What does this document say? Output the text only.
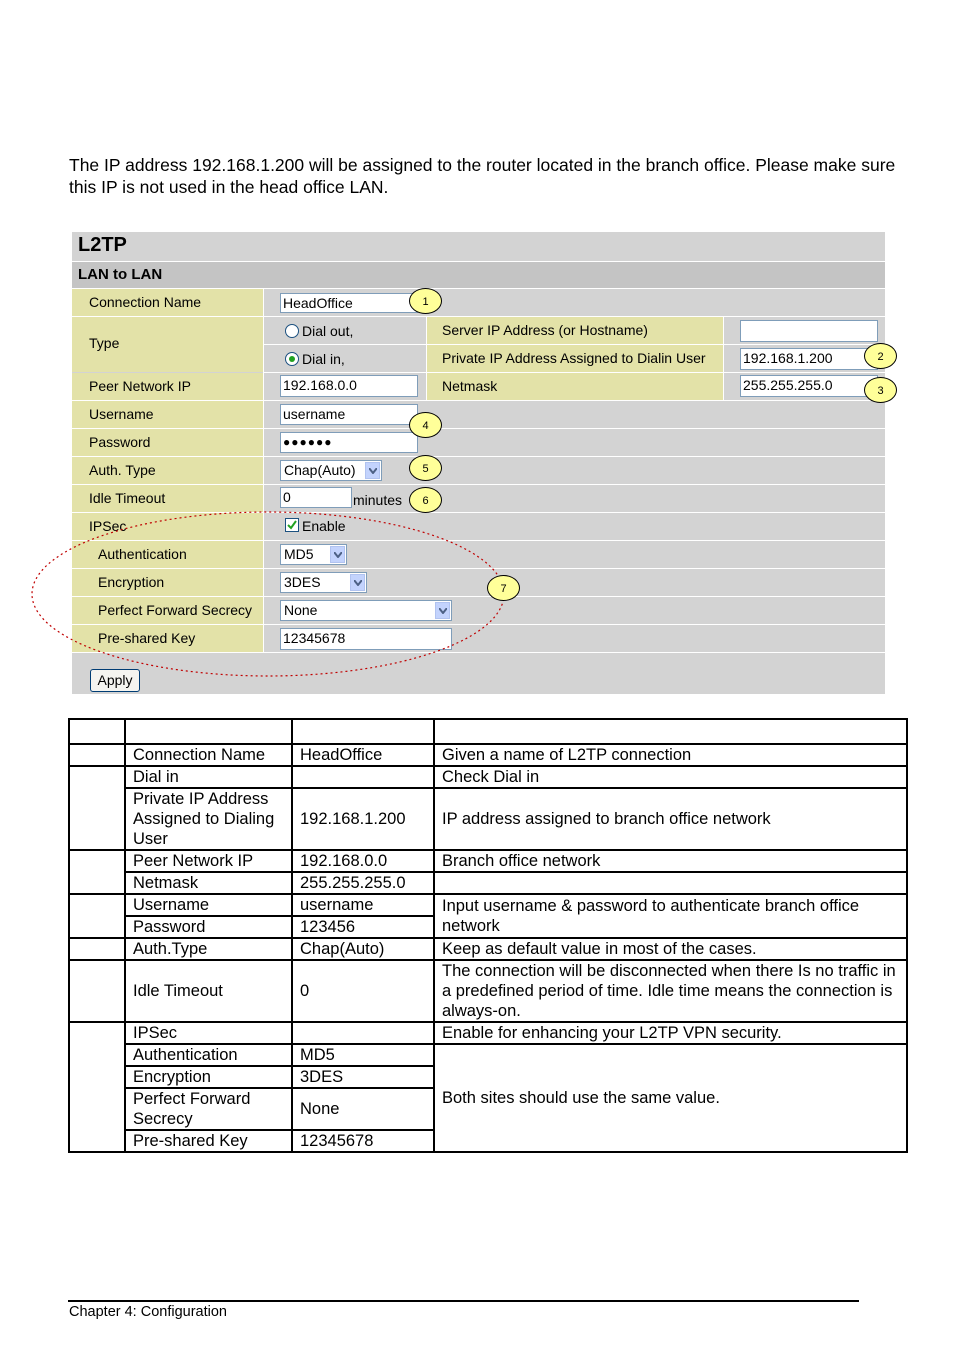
The IP address 192.168.1.200 will be assigned to the router located in the branch office. Please make sure this IP is not used in the head office LAN.
L2TP
LAN to LAN
Connection Name	HeadOffice
Type
Dial out,	Server IP Address (or Hostname)
Dial in,	Private IP Address Assigned to Dialin User	192.168.1.200
Peer Network IP	192.168.0.0	Netmask	255.255.255.0
Username	username
Password	●●●●●●
Auth. Type	Chap(Auto)
Idle Timeout	0	minutes
IPSec	Enable
Authentication	MD5
Encryption	3DES
Perfect Forward Secrecy None
Pre-shared Key	12345678
Apply
1
2
3
4
5
6
7

	Connection Name	HeadOffice	Given a name of L2TP connection
	Dial in		Check Dial in
	Private IP Address Assigned to Dialing User	192.168.1.200	IP address assigned to branch office network
	Peer Network IP	192.168.0.0	Branch office network
	Netmask	255.255.255.0	
	Username	username	Input username & password to authenticate branch office network
	Password	123456	
	Auth.Type	Chap(Auto)	Keep as default value in most of the cases.
	Idle Timeout	0	The connection will be disconnected when there Is no traffic in a predefined period of time. Idle time means the connection is always-on.
	IPSec		Enable for enhancing your L2TP VPN security.
	Authentication	MD5	Both sites should use the same value.
	Encryption	3DES	
	Perfect Forward Secrecy	None	
	Pre-shared Key	12345678	
Chapter 4: Configuration
